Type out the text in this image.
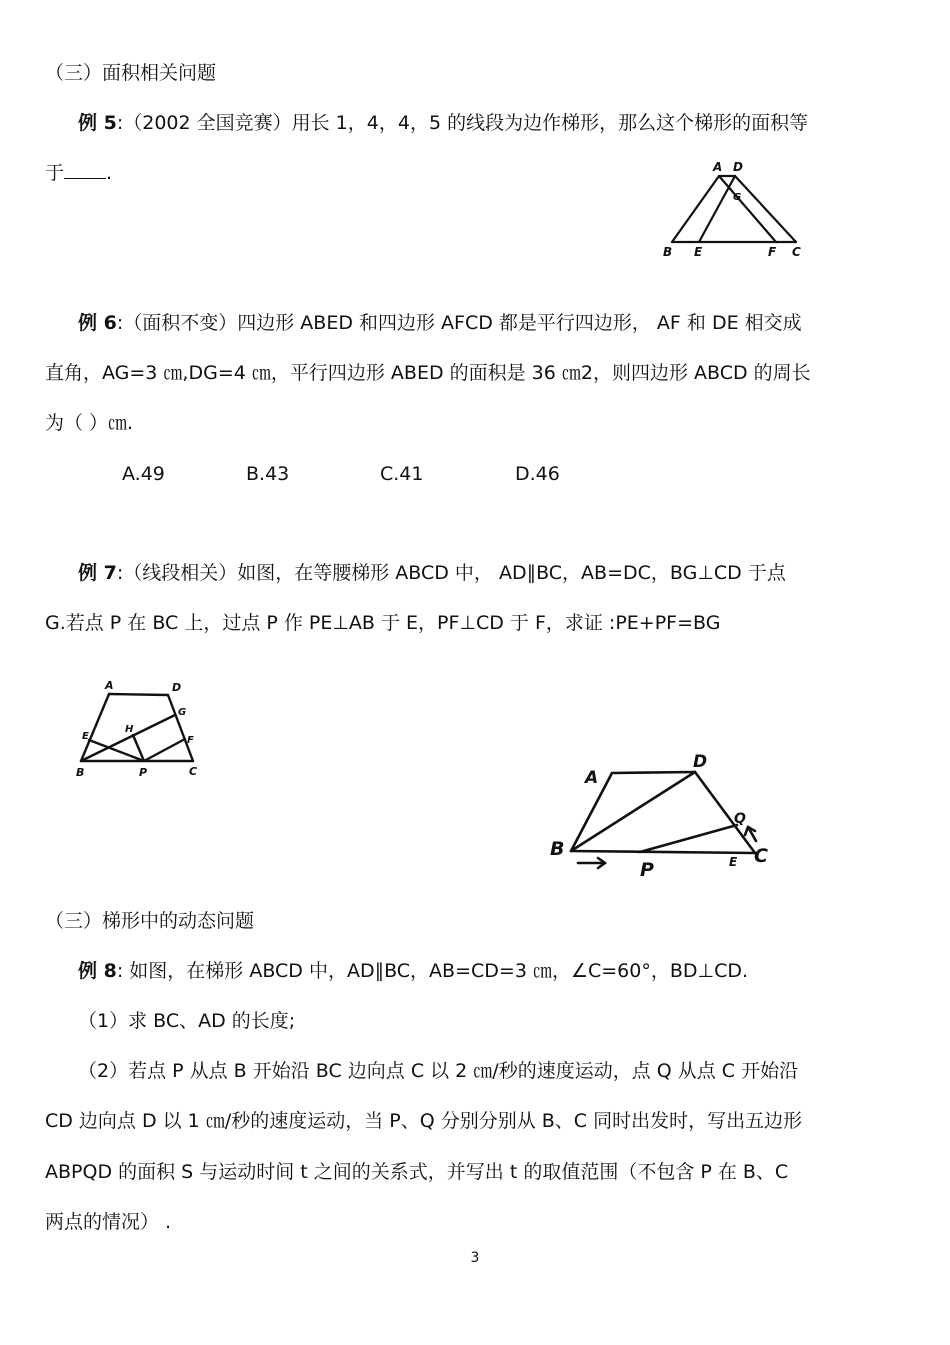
（三）面积相关问题
例 5:（2002 全国竞赛）用长 1，4，4，5 的线段为边作梯形，那么这个梯形的面积等
于 .	A D
G
B E	F C
例 6:（面积不变）四边形 ABED 和四边形 AFCD 都是平行四边形， AF 和 DE 相交成
直角，AG=3 ㎝,DG=4 ㎝，平行四边形 ABED 的面积是 36 ㎝2，则四边形 ABCD 的周长
为（ ）㎝.
A.49	B.43	C.41	D.46
例 7:（线段相关）如图，在等腰梯形 ABCD 中， AD∥BC，AB=DC，BG⊥CD 于点
G.若点 P 在 BC 上，过点 P 作 PE⊥AB 于 E，PF⊥CD 于 F，求证 :PE+PF=BG
A	D
G
H
E	F
B	P	C	A
D
Q
B
P	E C
（三）梯形中的动态问题
例 8: 如图，在梯形 ABCD 中，AD∥BC，AB=CD=3 ㎝，∠C=60°，BD⊥CD.
（1）求 BC、AD 的长度;
（2）若点 P 从点 B 开始沿 BC 边向点 C 以 2 ㎝/秒的速度运动，点 Q 从点 C 开始沿
CD 边向点 D 以 1 ㎝/秒的速度运动，当 P、Q 分别分别从 B、C 同时出发时，写出五边形
ABPQD 的面积 S 与运动时间 t 之间的关系式，并写出 t 的取值范围（不包含 P 在 B、C
两点的情况） .
3
